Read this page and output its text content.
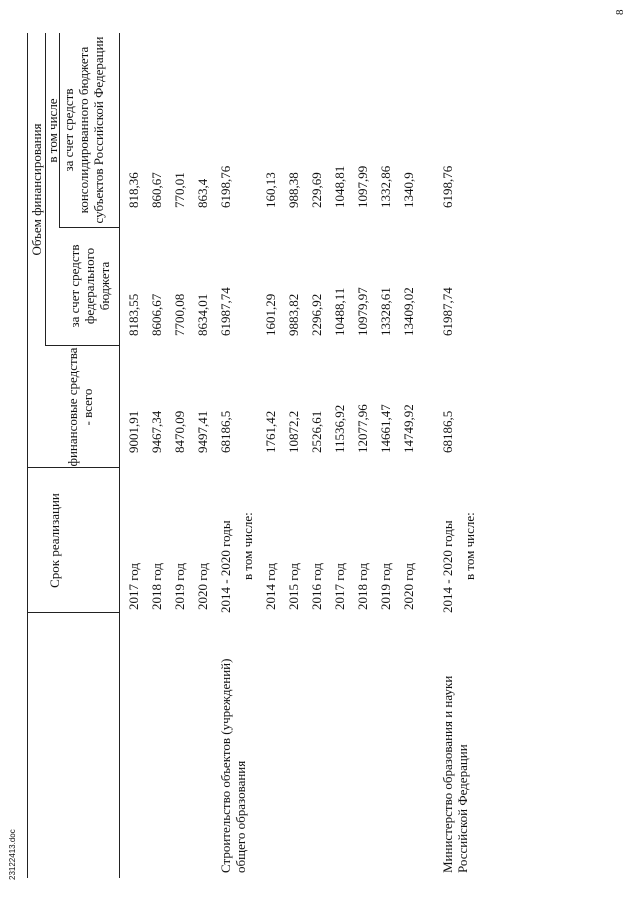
8
23122413.doc
Срок реализации
финансовые средства - всего
Объем финансирования в том числе
за счет средств федерального бюджета
за счет средств консолидированного бюджета субъектов Российской Федерации
2017 год
9001,91
8183,55
818,36
2018 год
9467,34
8606,67
860,67
2019 год
8470,09
7700,08
770,01
2020 год
9497,41
8634,01
863,4
Строительство объектов (учреждений) общего образования
2014 - 2020 годы
68186,5
61987,74
6198,76
в том числе:
2014 год
1761,42
1601,29
160,13
2015 год
10872,2
9883,82
988,38
2016 год
2526,61
2296,92
229,69
2017 год
11536,92
10488,11
1048,81
2018 год
12077,96
10979,97
1097,99
2019 год
14661,47
13328,61
1332,86
2020 год
14749,92
13409,02
1340,9
Министерство образования и науки Российской Федерации
2014 - 2020 годы
68186,5
61987,74
6198,76
в том числе:
